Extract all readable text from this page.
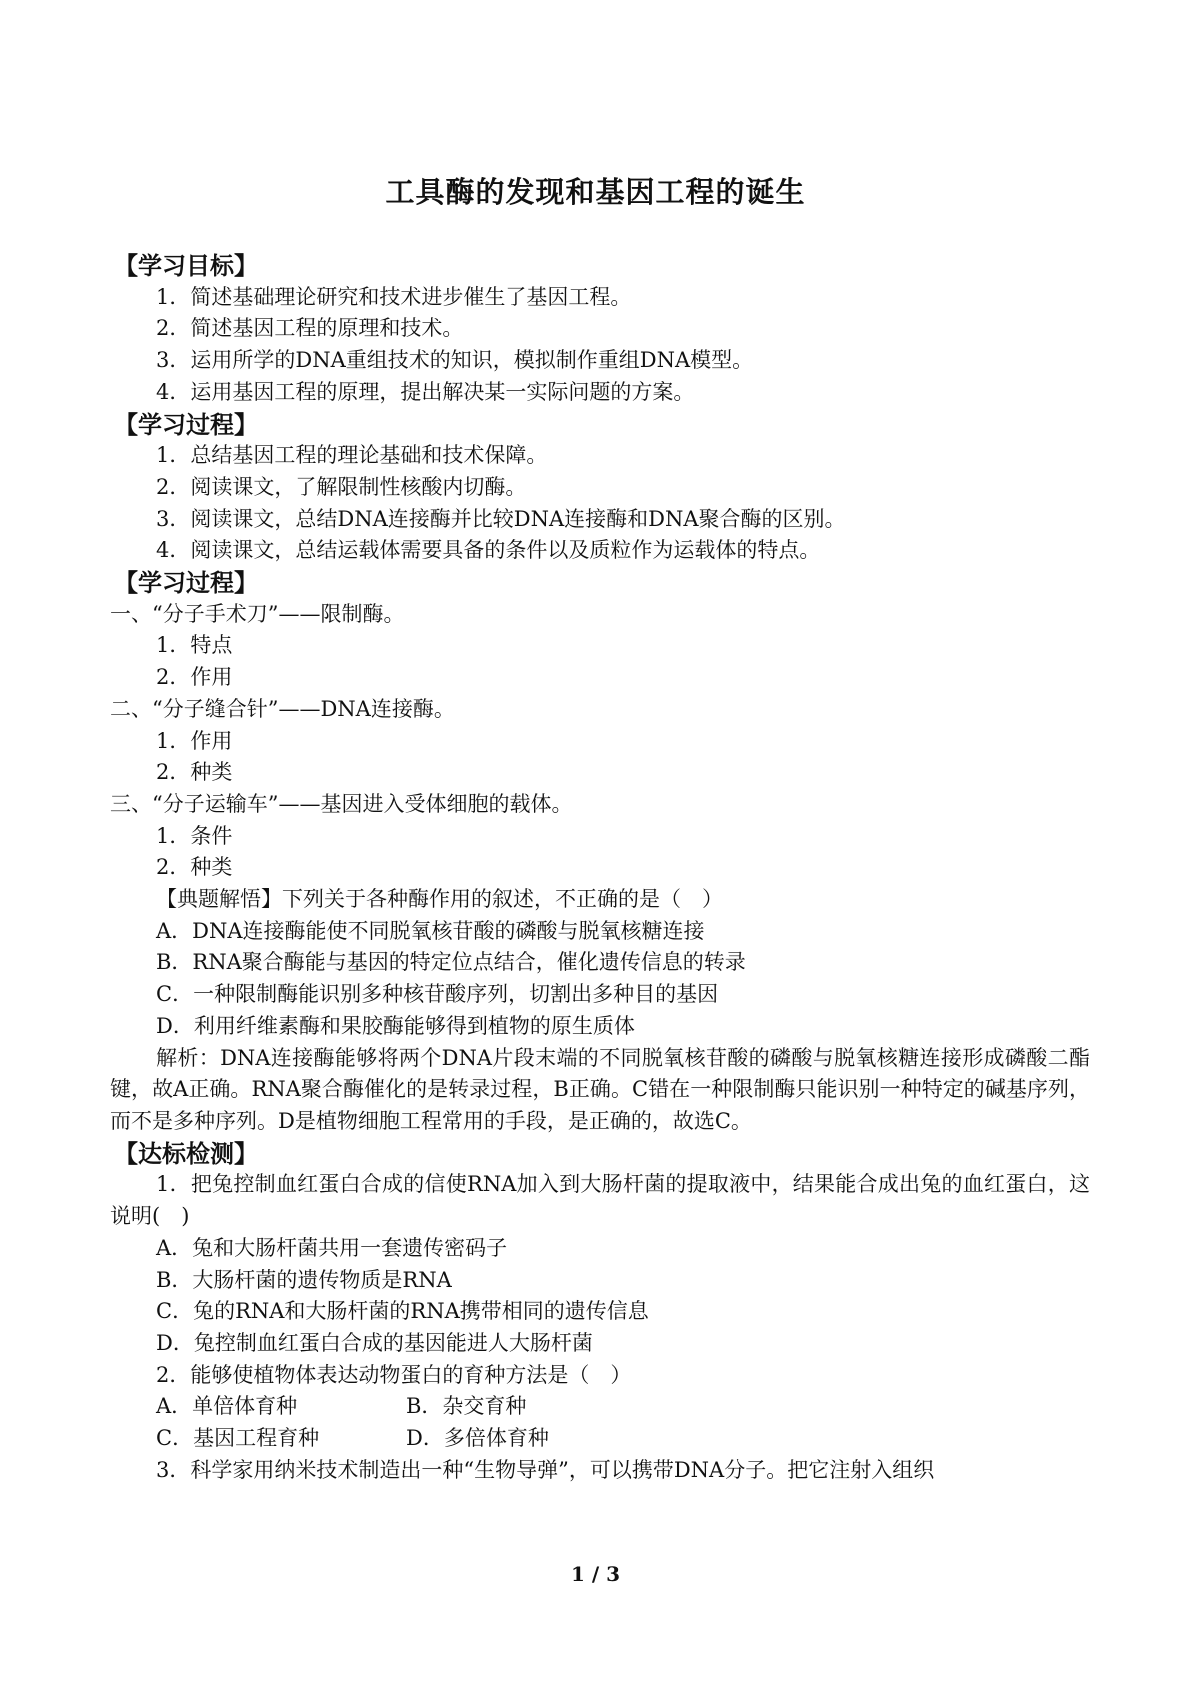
工具酶的发现和基因工程的诞生
【学习目标】
1．简述基础理论研究和技术进步催生了基因工程。
2．简述基因工程的原理和技术。
3．运用所学的DNA重组技术的知识，模拟制作重组DNA模型。
4．运用基因工程的原理，提出解决某一实际问题的方案。
【学习过程】
1．总结基因工程的理论基础和技术保障。
2．阅读课文，了解限制性核酸内切酶。
3．阅读课文，总结DNA连接酶并比较DNA连接酶和DNA聚合酶的区别。
4．阅读课文，总结运载体需要具备的条件以及质粒作为运载体的特点。
【学习过程】
一、“分子手术刀”——限制酶。
1．特点
2．作用
二、“分子缝合针”——DNA连接酶。
1．作用
2．种类
三、“分子运输车”——基因进入受体细胞的载体。
1．条件
2．种类
【典题解悟】下列关于各种酶作用的叙述，不正确的是（　）
A．DNA连接酶能使不同脱氧核苷酸的磷酸与脱氧核糖连接
B．RNA聚合酶能与基因的特定位点结合，催化遗传信息的转录
C．一种限制酶能识别多种核苷酸序列，切割出多种目的基因
D．利用纤维素酶和果胶酶能够得到植物的原生质体
解析：DNA连接酶能够将两个DNA片段末端的不同脱氧核苷酸的磷酸与脱氧核糖连接形成磷酸二酯键，故A正确。RNA聚合酶催化的是转录过程，B正确。C错在一种限制酶只能识别一种特定的碱基序列，而不是多种序列。D是植物细胞工程常用的手段，是正确的，故选C。
【达标检测】
1．把兔控制血红蛋白合成的信使RNA加入到大肠杆菌的提取液中，结果能合成出兔的血红蛋白，这说明(　)
A．兔和大肠杆菌共用一套遗传密码子
B．大肠杆菌的遗传物质是RNA
C．兔的RNA和大肠杆菌的RNA携带相同的遗传信息
D．兔控制血红蛋白合成的基因能进人大肠杆菌
2．能够使植物体表达动物蛋白的育种方法是（　）
A．单倍体育种	B．杂交育种
C．基因工程育种	D．多倍体育种
3．科学家用纳米技术制造出一种“生物导弹”，可以携带DNA分子。把它注射入组织
1 / 3
